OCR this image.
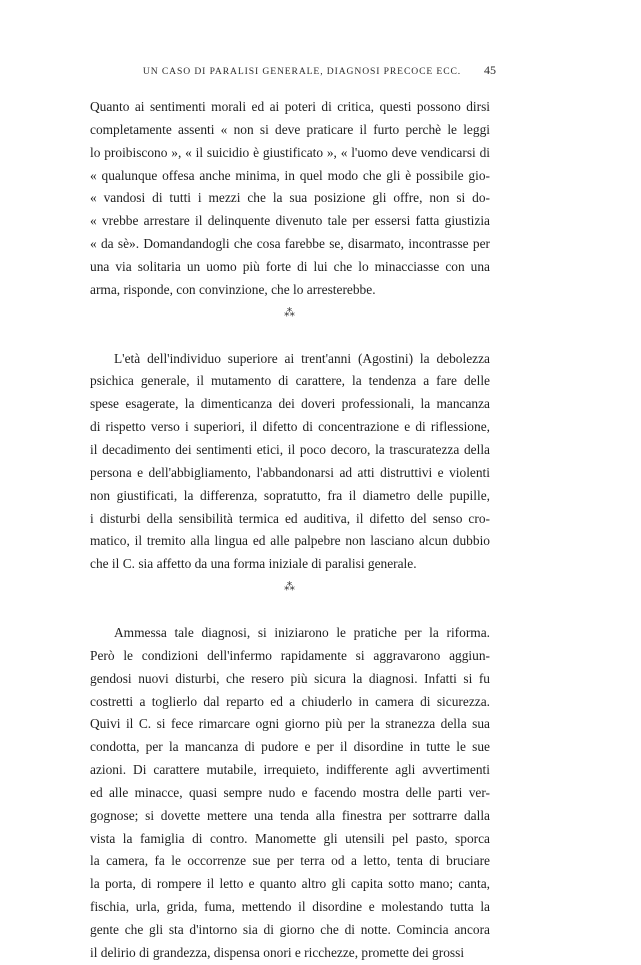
UN CASO DI PARALISI GENERALE, DIAGNOSI PRECOCE ECC.	45
Quanto ai sentimenti morali ed ai poteri di critica, questi possono dirsi
completamente assenti « non si deve praticare il furto perchè le leggi
lo proibiscono », « il suicidio è giustificato », « l'uomo deve vendicarsi di
« qualunque offesa anche minima, in quel modo che gli è possibile gio-
« vandosi di tutti i mezzi che la sua posizione gli offre, non si do-
« vrebbe arrestare il delinquente divenuto tale per essersi fatta giustizia
« da sè». Domandandogli che cosa farebbe se, disarmato, incontrasse per
una via solitaria un uomo più forte di lui che lo minacciasse con una
arma, risponde, con convinzione, che lo arresterebbe.
⁂
L'età dell'individuo superiore ai trent'anni (Agostini) la debolezza
psichica generale, il mutamento di carattere, la tendenza a fare delle
spese esagerate, la dimenticanza dei doveri professionali, la mancanza
di rispetto verso i superiori, il difetto di concentrazione e di riflessione,
il decadimento dei sentimenti etici, il poco decoro, la trascuratezza della
persona e dell'abbigliamento, l'abbandonarsi ad atti distruttivi e violenti
non giustificati, la differenza, sopratutto, fra il diametro delle pupille,
i disturbi della sensibilità termica ed auditiva, il difetto del senso cro-
matico, il tremito alla lingua ed alle palpebre non lasciano alcun dubbio
che il C. sia affetto da una forma iniziale di paralisi generale.
⁂
Ammessa tale diagnosi, si iniziarono le pratiche per la riforma.
Però le condizioni dell'infermo rapidamente si aggravarono aggiun-
gendosi nuovi disturbi, che resero più sicura la diagnosi. Infatti si fu
costretti a toglierlo dal reparto ed a chiuderlo in camera di sicurezza.
Quivi il C. si fece rimarcare ogni giorno più per la stranezza della sua
condotta, per la mancanza di pudore e per il disordine in tutte le sue
azioni. Di carattere mutabile, irrequieto, indifferente agli avvertimenti
ed alle minacce, quasi sempre nudo e facendo mostra delle parti ver-
gognose; si dovette mettere una tenda alla finestra per sottrarre dalla
vista la famiglia di contro. Manomette gli utensili pel pasto, sporca
la camera, fa le occorrenze sue per terra od a letto, tenta di bruciare
la porta, di rompere il letto e quanto altro gli capita sotto mano; canta,
fischia, urla, grida, fuma, mettendo il disordine e molestando tutta la
gente che gli sta d'intorno sia di giorno che di notte. Comincia ancora
il delirio di grandezza, dispensa onori e ricchezze, promette dei grossi
